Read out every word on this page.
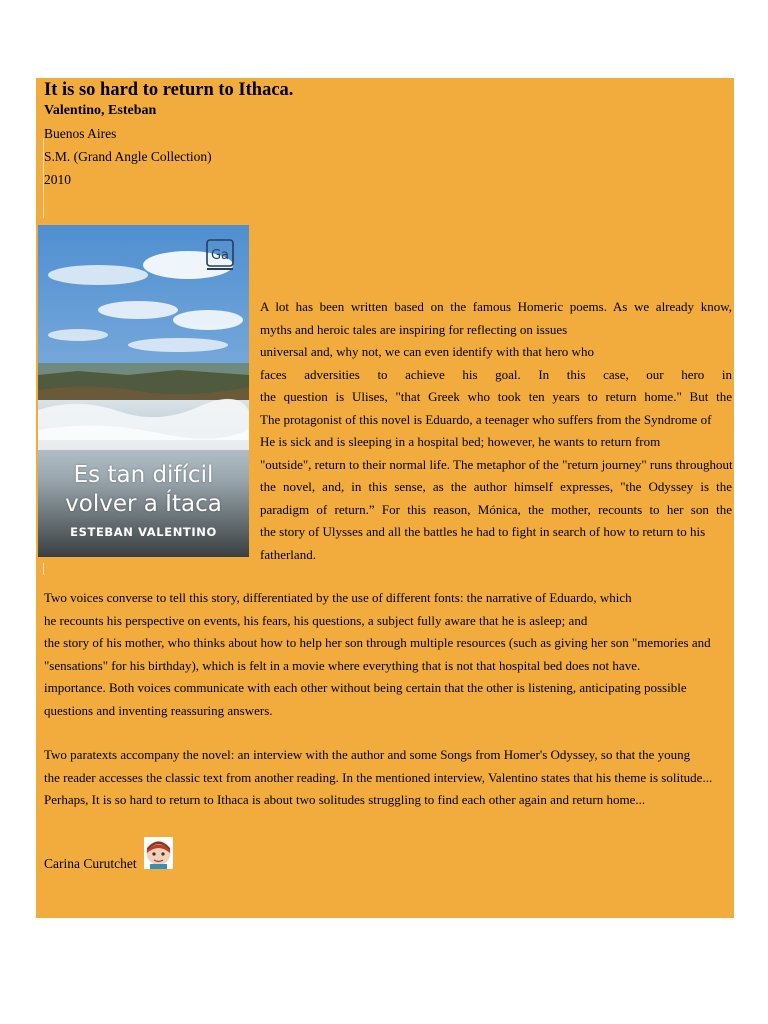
It is so hard to return to Ithaca.
Valentino, Esteban
Buenos Aires
S.M. (Grand Angle Collection)
2010
Ga
Es tan difícil
volver a Ítaca
ESTEBAN VALENTINO
A lot has been written based on the famous Homeric poems. As we already know,
myths and heroic tales are inspiring for reflecting on issues
universal and, why not, we can even identify with that hero who
faces adversities to achieve his goal. In this case, our hero in
the question is Ulises, "that Greek who took ten years to return home." But the
The protagonist of this novel is Eduardo, a teenager who suffers from the Syndrome of
He is sick and is sleeping in a hospital bed; however, he wants to return from
"outside", return to their normal life. The metaphor of the "return journey" runs throughout
the novel, and, in this sense, as the author himself expresses, "the Odyssey is the
paradigm of return.” For this reason, Mónica, the mother, recounts to her son the
the story of Ulysses and all the battles he had to fight in search of how to return to his
fatherland.
Two voices converse to tell this story, differentiated by the use of different fonts: the narrative of Eduardo, which
he recounts his perspective on events, his fears, his questions, a subject fully aware that he is asleep; and
the story of his mother, who thinks about how to help her son through multiple resources (such as giving her son "memories and
"sensations" for his birthday), which is felt in a movie where everything that is not that hospital bed does not have.
importance. Both voices communicate with each other without being certain that the other is listening, anticipating possible
questions and inventing reassuring answers.
Two paratexts accompany the novel: an interview with the author and some Songs from Homer's Odyssey, so that the young
the reader accesses the classic text from another reading. In the mentioned interview, Valentino states that his theme is solitude...
Perhaps, It is so hard to return to Ithaca is about two solitudes struggling to find each other again and return home...
Carina Curutchet
